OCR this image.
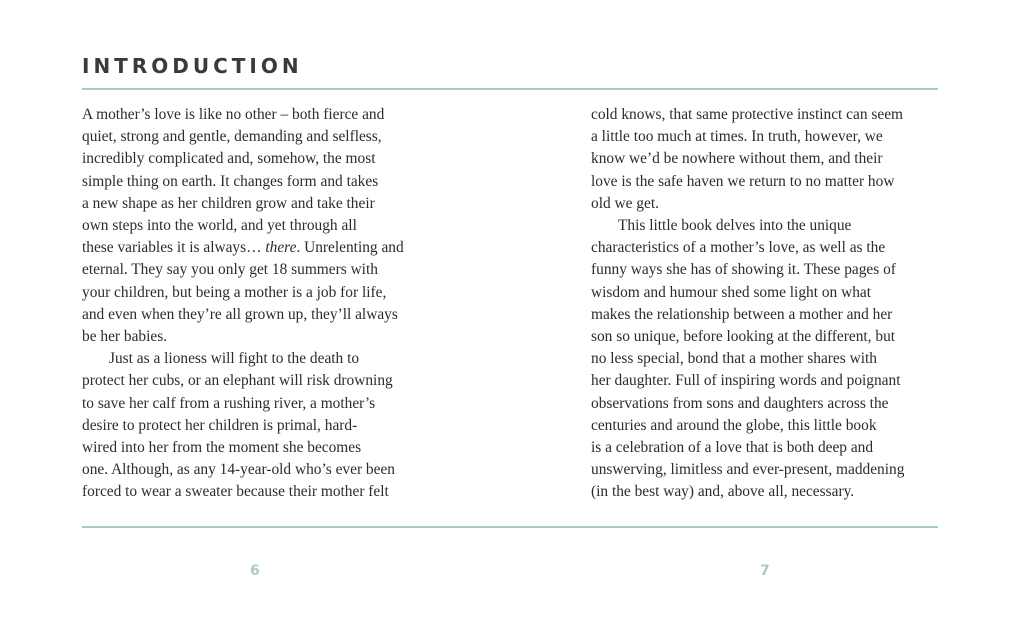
INTRODUCTION
A mother’s love is like no other – both fierce and
quiet, strong and gentle, demanding and selfless,
incredibly complicated and, somehow, the most
simple thing on earth. It changes form and takes
a new shape as her children grow and take their
own steps into the world, and yet through all
these variables it is always… there. Unrelenting and
eternal. They say you only get 18 summers with
your children, but being a mother is a job for life,
and even when they’re all grown up, they’ll always
be her babies.
Just as a lioness will fight to the death to
protect her cubs, or an elephant will risk drowning
to save her calf from a rushing river, a mother’s
desire to protect her children is primal, hard-
wired into her from the moment she becomes
one. Although, as any 14-year-old who’s ever been
forced to wear a sweater because their mother felt
cold knows, that same protective instinct can seem
a little too much at times. In truth, however, we
know we’d be nowhere without them, and their
love is the safe haven we return to no matter how
old we get.
This little book delves into the unique
characteristics of a mother’s love, as well as the
funny ways she has of showing it. These pages of
wisdom and humour shed some light on what
makes the relationship between a mother and her
son so unique, before looking at the different, but
no less special, bond that a mother shares with
her daughter. Full of inspiring words and poignant
observations from sons and daughters across the
centuries and around the globe, this little book
is a celebration of a love that is both deep and
unswerving, limitless and ever-present, maddening
(in the best way) and, above all, necessary.
6	7
